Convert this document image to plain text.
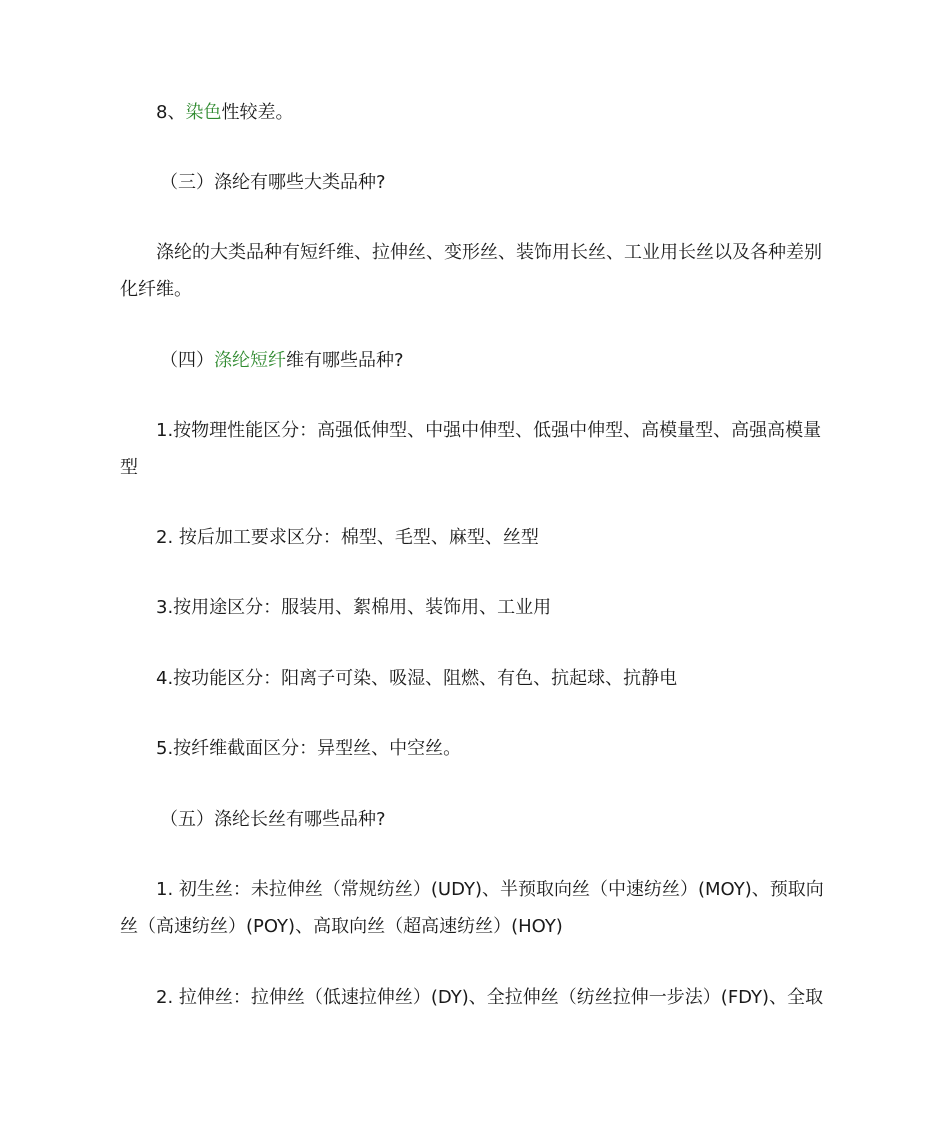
8、染色性较差。

（三）涤纶有哪些大类品种?

涤纶的大类品种有短纤维、拉伸丝、变形丝、装饰用长丝、工业用长丝以及各种差别化纤维。

（四）涤纶短纤维有哪些品种?

1.按物理性能区分：高强低伸型、中强中伸型、低强中伸型、高模量型、高强高模量型

2. 按后加工要求区分：棉型、毛型、麻型、丝型

3.按用途区分：服装用、絮棉用、装饰用、工业用

4.按功能区分：阳离子可染、吸湿、阻燃、有色、抗起球、抗静电

5.按纤维截面区分：异型丝、中空丝。

（五）涤纶长丝有哪些品种?

1. 初生丝：未拉伸丝（常规纺丝）(UDY)、半预取向丝（中速纺丝）(MOY)、预取向丝（高速纺丝）(POY)、高取向丝（超高速纺丝）(HOY)

2. 拉伸丝：拉伸丝（低速拉伸丝）(DY)、全拉伸丝（纺丝拉伸一步法）(FDY)、全取
